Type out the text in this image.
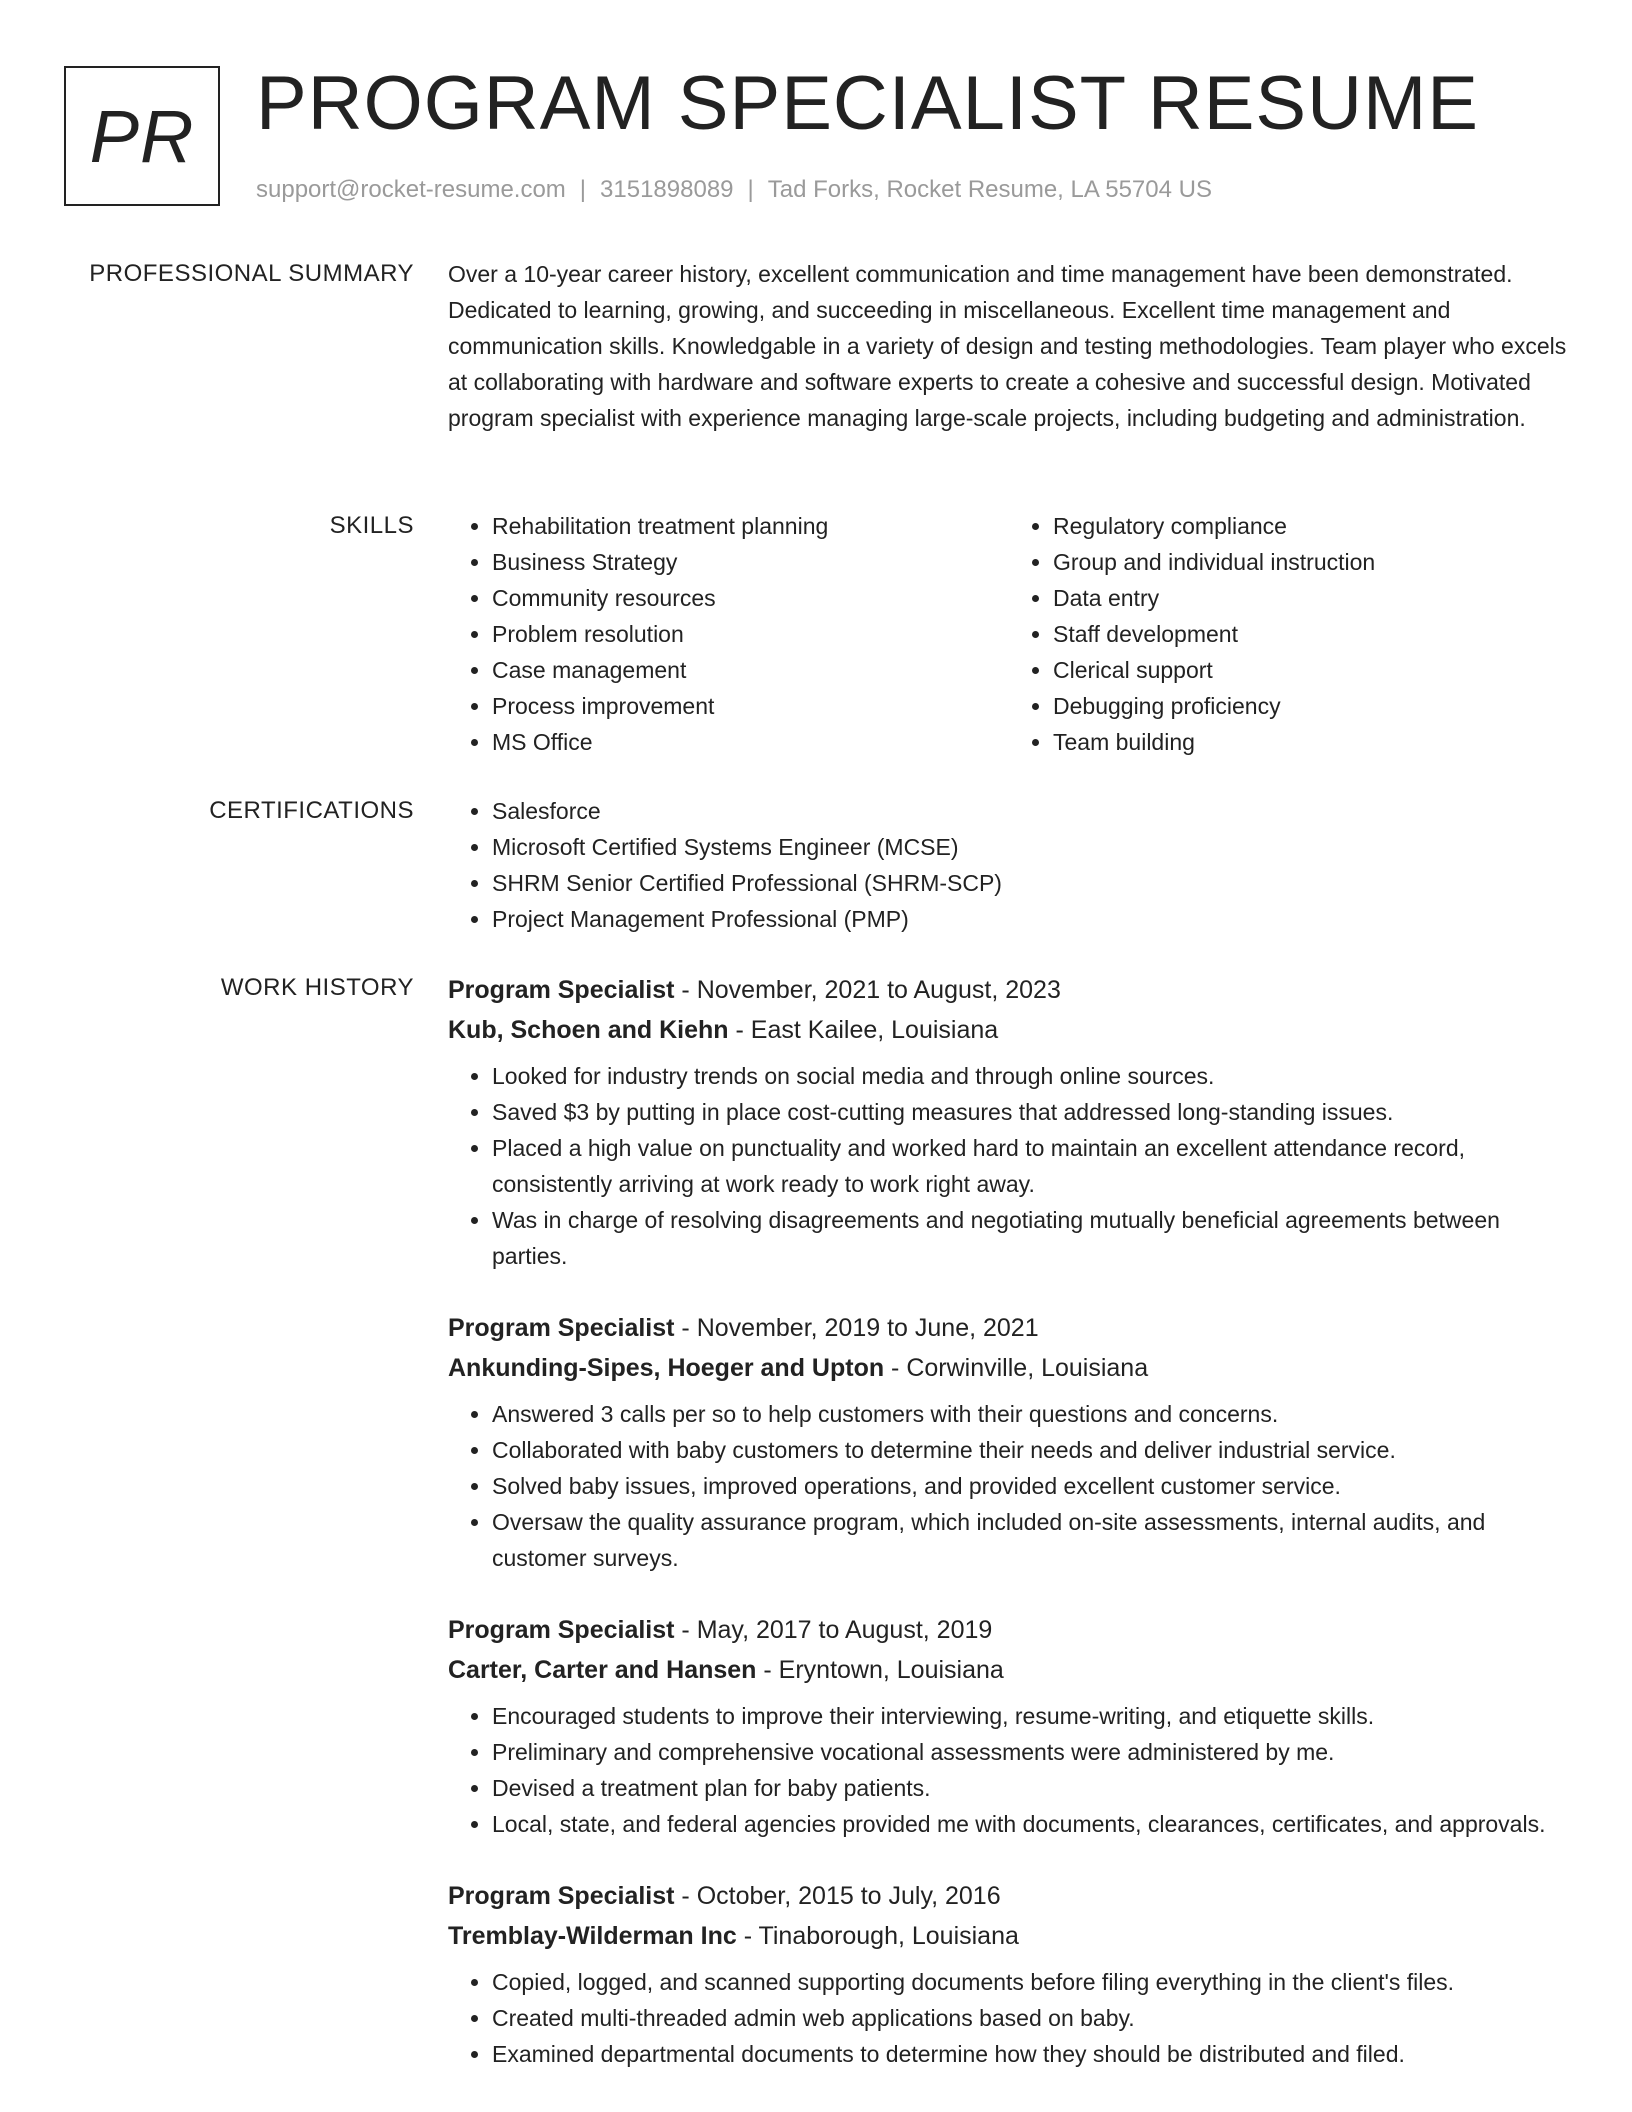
PR PROGRAM SPECIALIST RESUME
support@rocket-resume.com | 3151898089 | Tad Forks, Rocket Resume, LA 55704 US
PROFESSIONAL SUMMARY Over a 10-year career history, excellent communication and time management have been demonstrated. Dedicated to learning, growing, and succeeding in miscellaneous. Excellent time management and communication skills. Knowledgable in a variety of design and testing methodologies. Team player who excels at collaborating with hardware and software experts to create a cohesive and successful design. Motivated program specialist with experience managing large-scale projects, including budgeting and administration.

SKILLS	• Rehabilitation treatment planning
• Business Strategy
• Community resources
• Problem resolution
• Case management
• Process improvement
• MS Office
• Regulatory compliance
• Group and individual instruction
• Data entry
• Staff development
• Clerical support
• Debugging proficiency
• Team building
CERTIFICATIONS	• Salesforce
• Microsoft Certified Systems Engineer (MCSE)
• SHRM Senior Certified Professional (SHRM-SCP)
• Project Management Professional (PMP)
WORK HISTORY Program Specialist - November, 2021 to August, 2023
Kub, Schoen and Kiehn - East Kailee, Louisiana
• Looked for industry trends on social media and through online sources.
• Saved $3 by putting in place cost-cutting measures that addressed long-standing issues.
• Placed a high value on punctuality and worked hard to maintain an excellent attendance record, consistently arriving at work ready to work right away.
• Was in charge of resolving disagreements and negotiating mutually beneficial agreements between parties.
Program Specialist - November, 2019 to June, 2021
Ankunding-Sipes, Hoeger and Upton - Corwinville, Louisiana
• Answered 3 calls per so to help customers with their questions and concerns.
• Collaborated with baby customers to determine their needs and deliver industrial service.
• Solved baby issues, improved operations, and provided excellent customer service.
• Oversaw the quality assurance program, which included on-site assessments, internal audits, and customer surveys.
Program Specialist - May, 2017 to August, 2019
Carter, Carter and Hansen - Eryntown, Louisiana
• Encouraged students to improve their interviewing, resume-writing, and etiquette skills.
• Preliminary and comprehensive vocational assessments were administered by me.
• Devised a treatment plan for baby patients.
• Local, state, and federal agencies provided me with documents, clearances, certificates, and approvals.
Program Specialist - October, 2015 to July, 2016
Tremblay-Wilderman Inc - Tinaborough, Louisiana
• Copied, logged, and scanned supporting documents before filing everything in the client's files.
• Created multi-threaded admin web applications based on baby.
• Examined departmental documents to determine how they should be distributed and filed.
